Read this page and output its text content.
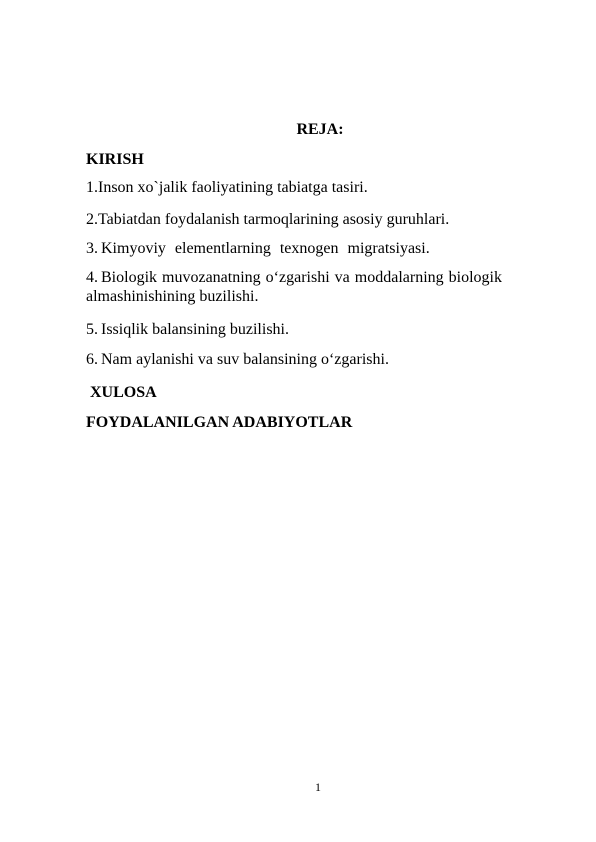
REJA:

KIRISH

1.Inson xo`jalik faoliyatining tabiatga tasiri.

2.Tabiatdan foydalanish tarmoqlarining asosiy guruhlari.

3. Kimyoviy elementlarning texnogen migratsiyasi.

4. Biologik muvozanatning o‘zgarishi va moddalarning biologik almashinishining buzilishi.

5. Issiqlik balansining buzilishi.

6. Nam aylanishi va suv balansining o‘zgarishi.

XULOSA

FOYDALANILGAN ADABIYOTLAR

1
